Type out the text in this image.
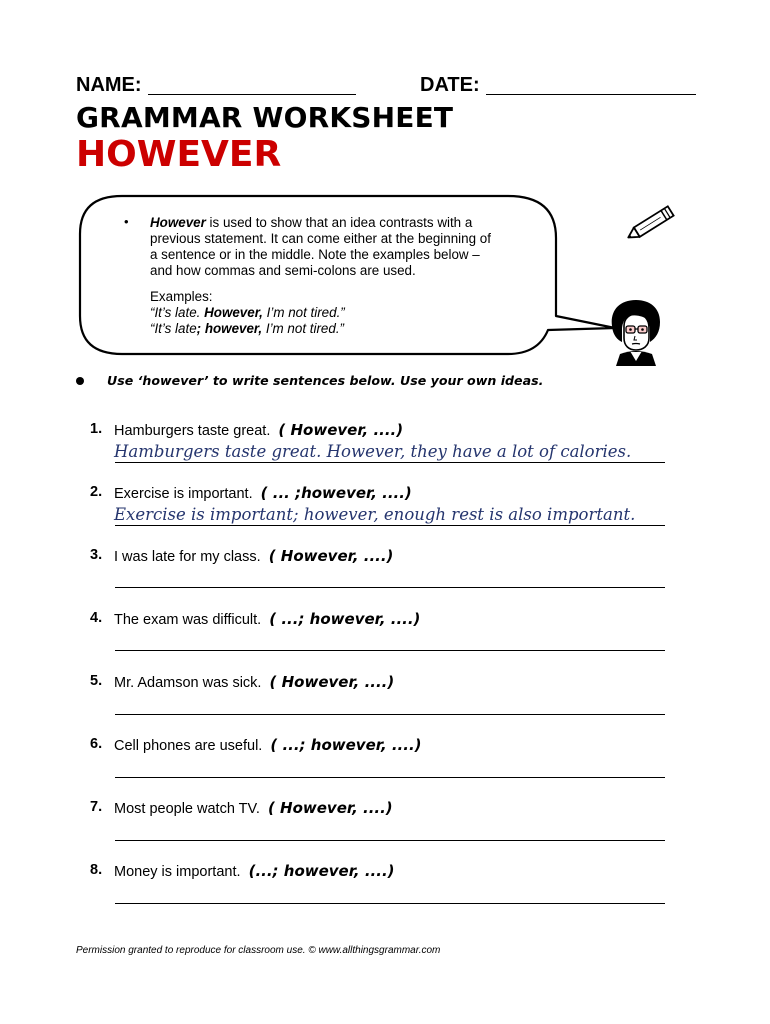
NAME:	DATE:
GRAMMAR WORKSHEET
HOWEVER
• However is used to show that an idea contrasts with a
previous statement. It can come either at the beginning of
a sentence or in the middle. Note the examples below –
and how commas and semi-colons are used.
Examples:
“It’s late. However, I’m not tired.”
“It’s late; however, I’m not tired.”
Use ‘however’ to write sentences below. Use your own ideas.
1. Hamburgers taste great. ( However, ....)
Hamburgers taste great. However, they have a lot of calories.
2. Exercise is important. ( ... ;however, ....)
Exercise is important; however, enough rest is also important.
3. I was late for my class. ( However, ....)
4. The exam was difficult. ( ...; however, ....)
5. Mr. Adamson was sick. ( However, ....)
6. Cell phones are useful. ( ...; however, ....)
7. Most people watch TV. ( However, ....)
8. Money is important. (...; however, ....)
Permission granted to reproduce for classroom use. © www.allthingsgrammar.com
